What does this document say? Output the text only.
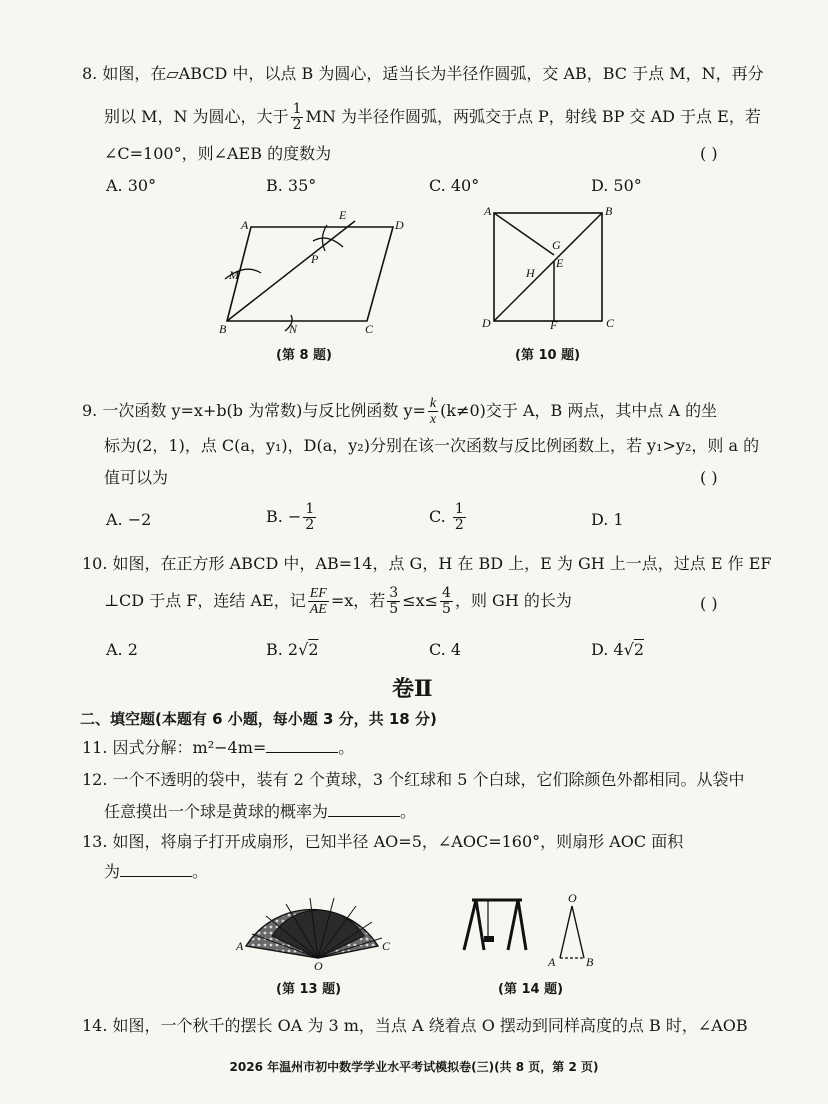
8. 如图，在▱ABCD 中，以点 B 为圆心，适当长为半径作圆弧，交 AB，BC 于点 M，N，再分
别以 M，N 为圆心，大于 $\frac{1}{2}$ MN 为半径作圆弧，两弧交于点 P，射线 BP 交 AD 于点 E，若
∠C=100°，则∠AEB 的度数为	( )
A. 30°	B. 35°	C. 40°	D. 50°
A
E
D
M
P
B	N	C
(第 8 题)
A	B
G
E
H
D	F	C
(第 10 题)
9. 一次函数 y=x+b(b 为常数)与反比例函数 $y= \frac{k}{x} (k\ne 0)$交于 A，B 两点，其中点 A 的坐
标为(2，1)，点 C(a，y₁)，D(a，y₂)分别在该一次函数与反比例函数上，若 y₁>y₂，则 a 的
值可以为	( )
A. −2	B. − $\frac{1}{2}$	C. $\frac{1}{2}$	D. 1
10. 如图，在正方形 ABCD 中，AB=14，点 G，H 在 BD 上，E 为 GH 上一点，过点 E 作 EF
⊥CD 于点 F，连结 AE，记 $\frac{EF}{AE} =x$，若 $\frac{3}{5} \le x\le \frac{4}{5}$ ，则 GH 的长为	( )
A. 2	B. 2√2	C. 4	D. 4√2
卷Ⅱ
二、填空题(本题有 6 小题，每小题 3 分，共 18 分)
11. 因式分解：m²−4m=	。
12. 一个不透明的袋中，装有 2 个黄球，3 个红球和 5 个白球，它们除颜色外都相同。从袋中
任意摸出一个球是黄球的概率为	。
13. 如图，将扇子打开成扇形，已知半径 AO=5，∠AOC=160°，则扇形 AOC 面积
为	。
A
O
C
(第 13 题)
O
A	B
(第 14 题)
14. 如图，一个秋千的摆长 OA 为 3 m，当点 A 绕着点 O 摆动到同样高度的点 B 时，∠AOB
2026 年温州市初中数学学业水平考试模拟卷(三)(共 8 页，第 2 页)
